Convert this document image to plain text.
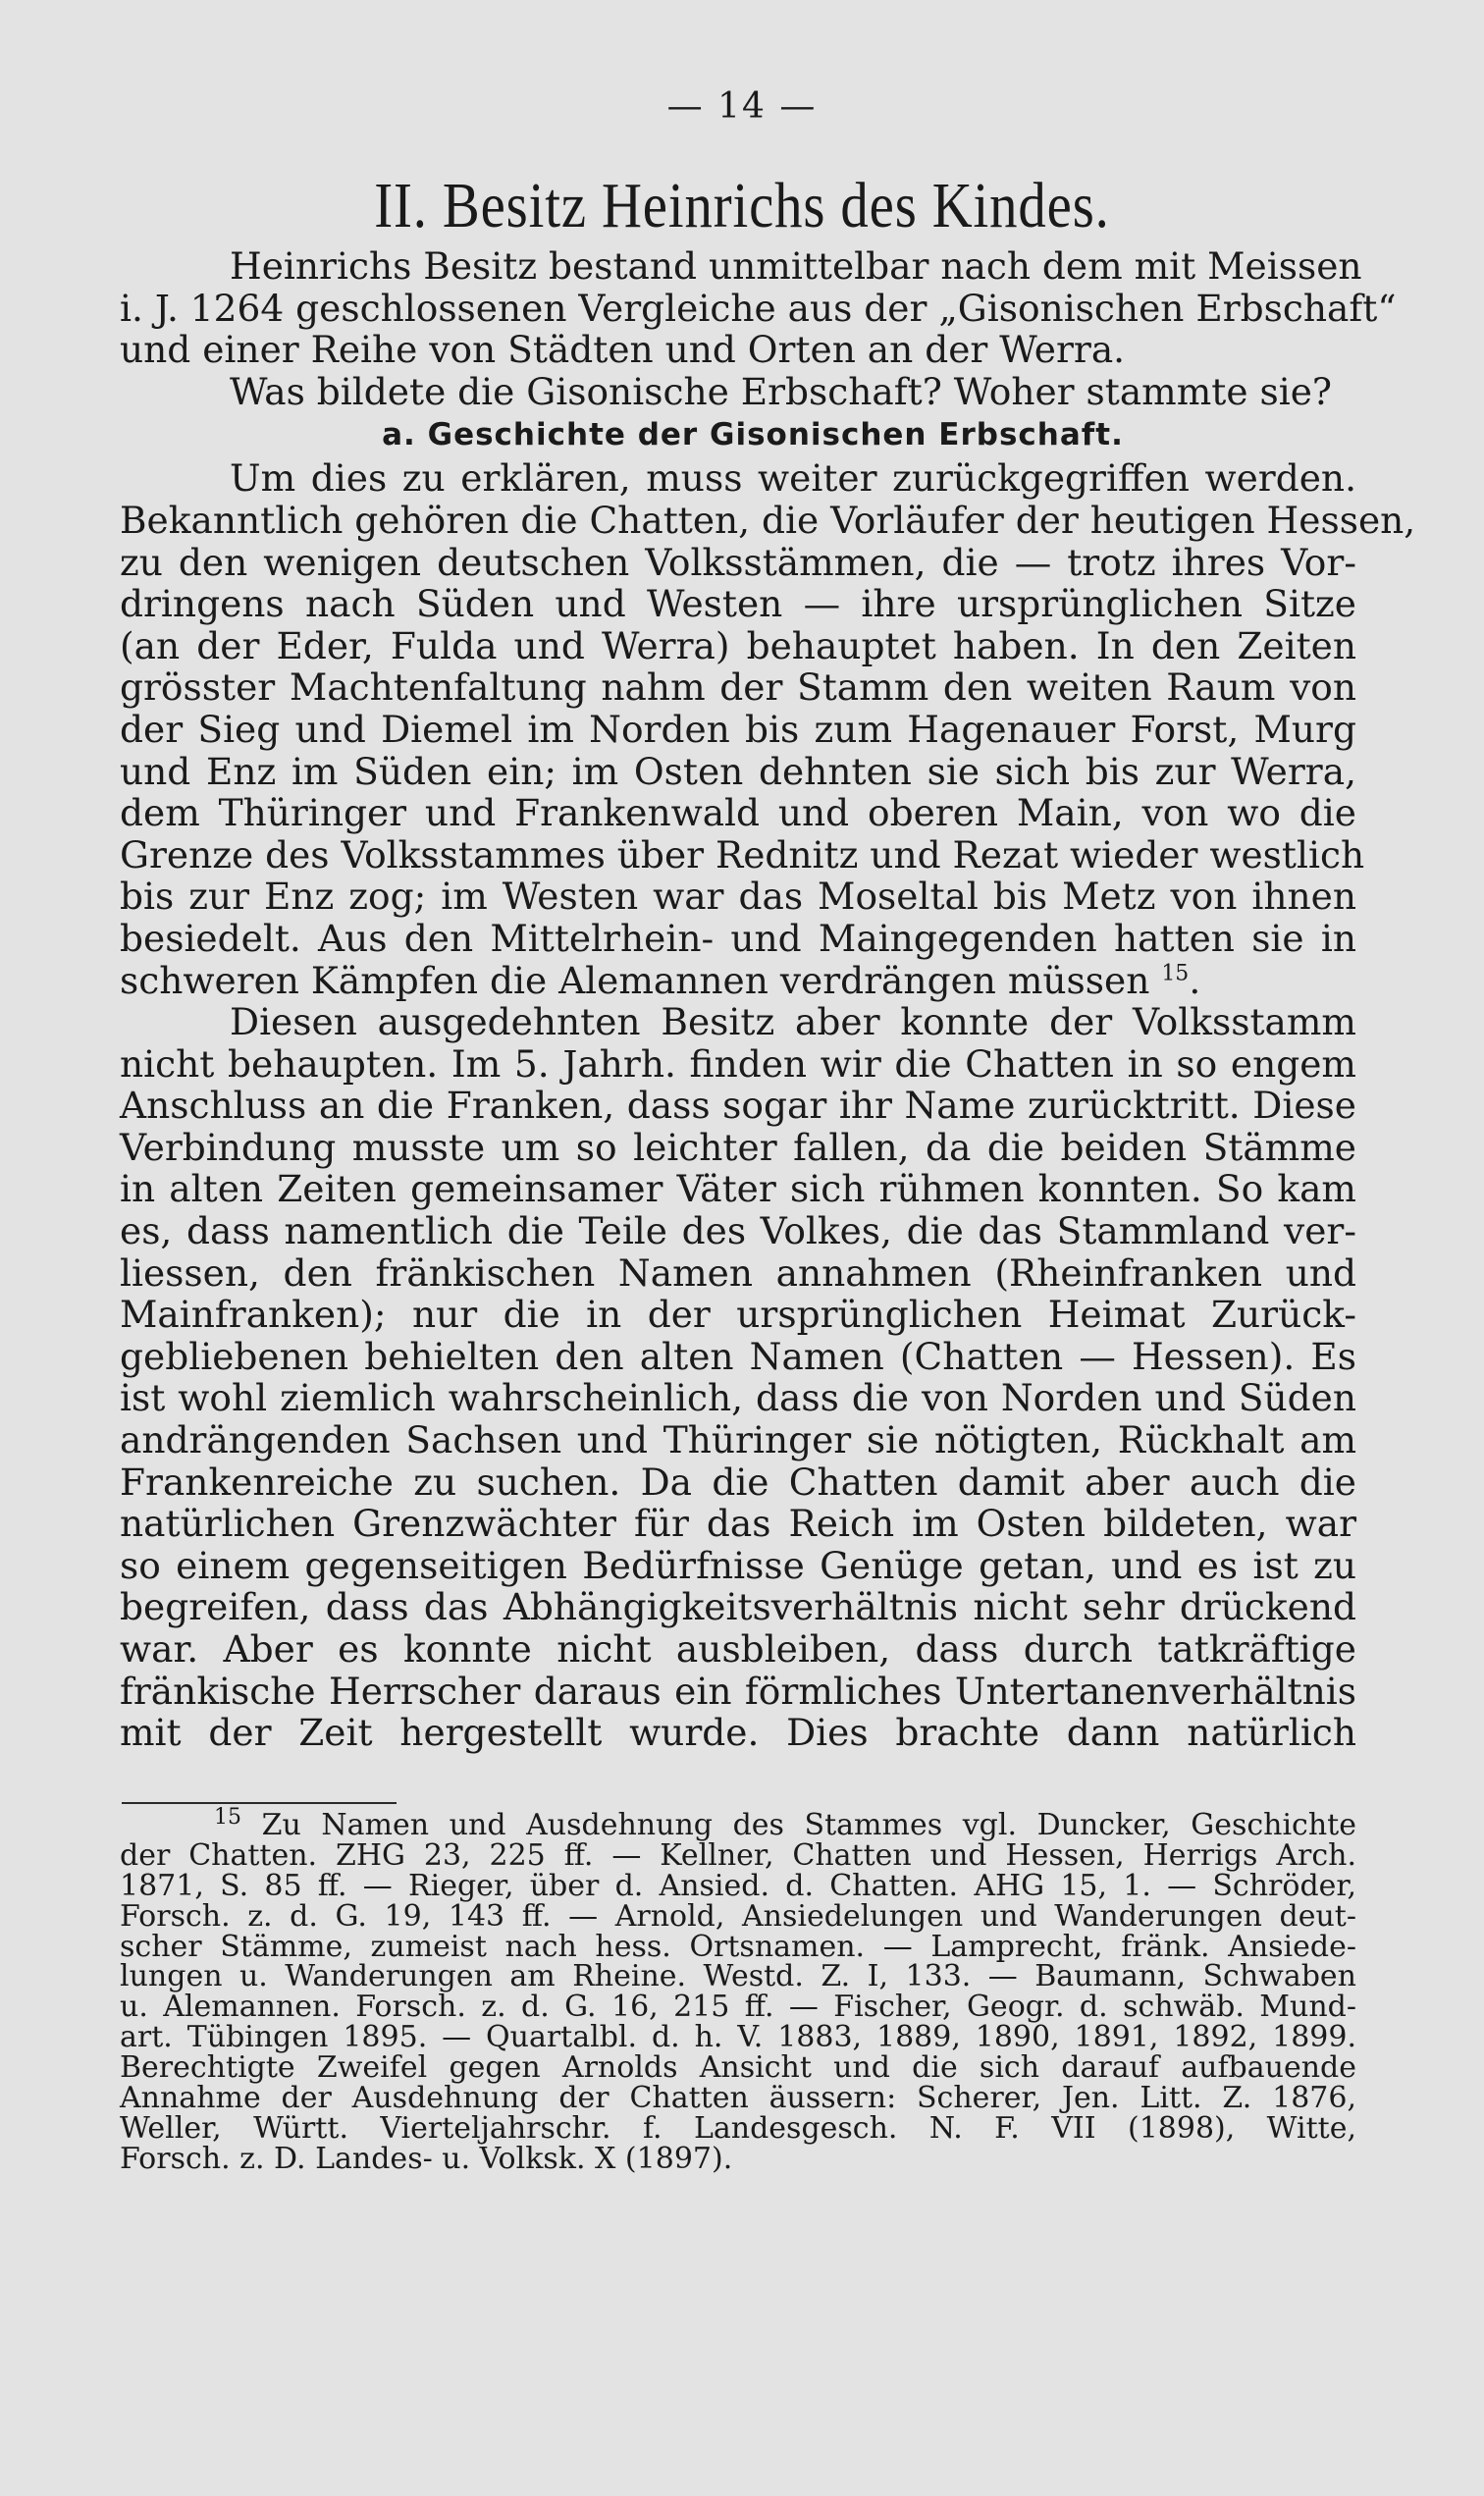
— 14 —
II. Besitz Heinrichs des Kindes.
Heinrichs Besitz bestand unmittelbar nach dem mit Meissen
i. J. 1264 geschlossenen Vergleiche aus der „Gisonischen Erbschaft“
und einer Reihe von Städten und Orten an der Werra.
Was bildete die Gisonische Erbschaft? Woher stammte sie?
a. Geschichte der Gisonischen Erbschaft.
Um dies zu erklären, muss weiter zurückgegriffen werden.
Bekanntlich gehören die Chatten, die Vorläufer der heutigen Hessen,
zu den wenigen deutschen Volksstämmen, die — trotz ihres Vor-
dringens nach Süden und Westen — ihre ursprünglichen Sitze
(an der Eder, Fulda und Werra) behauptet haben. In den Zeiten
grösster Machtenfaltung nahm der Stamm den weiten Raum von
der Sieg und Diemel im Norden bis zum Hagenauer Forst, Murg
und Enz im Süden ein; im Osten dehnten sie sich bis zur Werra,
dem Thüringer und Frankenwald und oberen Main, von wo die
Grenze des Volksstammes über Rednitz und Rezat wieder westlich
bis zur Enz zog; im Westen war das Moseltal bis Metz von ihnen
besiedelt. Aus den Mittelrhein- und Maingegenden hatten sie in
schweren Kämpfen die Alemannen verdrängen müssen $^{15}$.
Diesen ausgedehnten Besitz aber konnte der Volksstamm
nicht behaupten. Im 5. Jahrh. finden wir die Chatten in so engem
Anschluss an die Franken, dass sogar ihr Name zurücktritt. Diese
Verbindung musste um so leichter fallen, da die beiden Stämme
in alten Zeiten gemeinsamer Väter sich rühmen konnten. So kam
es, dass namentlich die Teile des Volkes, die das Stammland ver-
liessen, den fränkischen Namen annahmen (Rheinfranken und
Mainfranken); nur die in der ursprünglichen Heimat Zurück-
gebliebenen behielten den alten Namen (Chatten — Hessen). Es
ist wohl ziemlich wahrscheinlich, dass die von Norden und Süden
andrängenden Sachsen und Thüringer sie nötigten, Rückhalt am
Frankenreiche zu suchen. Da die Chatten damit aber auch die
natürlichen Grenzwächter für das Reich im Osten bildeten, war
so einem gegenseitigen Bedürfnisse Genüge getan, und es ist zu
begreifen, dass das Abhängigkeitsverhältnis nicht sehr drückend
war. Aber es konnte nicht ausbleiben, dass durch tatkräftige
fränkische Herrscher daraus ein förmliches Untertanenverhältnis
mit der Zeit hergestellt wurde. Dies brachte dann natürlich
$^{15}$ Zu Namen und Ausdehnung des Stammes vgl. Duncker, Geschichte
der Chatten. ZHG 23, 225 ff. — Kellner, Chatten und Hessen, Herrigs Arch.
1871, S. 85 ff. — Rieger, über d. Ansied. d. Chatten. AHG 15, 1. — Schröder,
Forsch. z. d. G. 19, 143 ff. — Arnold, Ansiedelungen und Wanderungen deut-
scher Stämme, zumeist nach hess. Ortsnamen. — Lamprecht, fränk. Ansiede-
lungen u. Wanderungen am Rheine. Westd. Z. I, 133. — Baumann, Schwaben
u. Alemannen. Forsch. z. d. G. 16, 215 ff. — Fischer, Geogr. d. schwäb. Mund-
art. Tübingen 1895. — Quartalbl. d. h. V. 1883, 1889, 1890, 1891, 1892, 1899.
Berechtigte Zweifel gegen Arnolds Ansicht und die sich darauf aufbauende
Annahme der Ausdehnung der Chatten äussern: Scherer, Jen. Litt. Z. 1876,
Weller, Württ. Vierteljahrschr. f. Landesgesch. N. F. VII (1898), Witte,
Forsch. z. D. Landes- u. Volksk. X (1897).
